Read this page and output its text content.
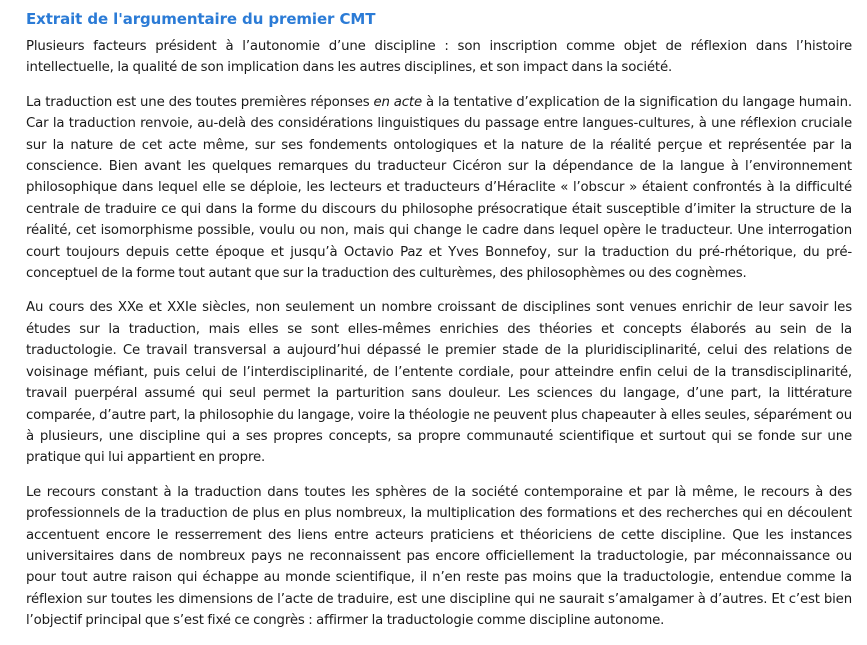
Extrait de l'argumentaire du premier CMT

Plusieurs facteurs président à l’autonomie d’une discipline : son inscription comme objet de réflexion dans l’histoire intellectuelle, la qualité de son implication dans les autres disciplines, et son impact dans la société.

La traduction est une des toutes premières réponses en acte à la tentative d’explication de la signification du langage humain. Car la traduction renvoie, au-delà des considérations linguistiques du passage entre langues-cultures, à une réflexion cruciale sur la nature de cet acte même, sur ses fondements ontologiques et la nature de la réalité perçue et représentée par la conscience. Bien avant les quelques remarques du traducteur Cicéron sur la dépendance de la langue à l’environnement philosophique dans lequel elle se déploie, les lecteurs et traducteurs d’Héraclite « l’obscur » étaient confrontés à la difficulté centrale de traduire ce qui dans la forme du discours du philosophe présocratique était susceptible d’imiter la structure de la réalité, cet isomorphisme possible, voulu ou non, mais qui change le cadre dans lequel opère le traducteur. Une interrogation court toujours depuis cette époque et jusqu’à Octavio Paz et Yves Bonnefoy, sur la traduction du pré-rhétorique, du pré-conceptuel de la forme tout autant que sur la traduction des culturèmes, des philosophèmes ou des cognèmes.

Au cours des XXe et XXIe siècles, non seulement un nombre croissant de disciplines sont venues enrichir de leur savoir les études sur la traduction, mais elles se sont elles-mêmes enrichies des théories et concepts élaborés au sein de la traductologie. Ce travail transversal a aujourd’hui dépassé le premier stade de la pluridisciplinarité, celui des relations de voisinage méfiant, puis celui de l’interdisciplinarité, de l’entente cordiale, pour atteindre enfin celui de la transdisciplinarité, travail puerpéral assumé qui seul permet la parturition sans douleur. Les sciences du langage, d’une part, la littérature comparée, d’autre part, la philosophie du langage, voire la théologie ne peuvent plus chapeauter à elles seules, séparément ou à plusieurs, une discipline qui a ses propres concepts, sa propre communauté scientifique et surtout qui se fonde sur une pratique qui lui appartient en propre.

Le recours constant à la traduction dans toutes les sphères de la société contemporaine et par là même, le recours à des professionnels de la traduction de plus en plus nombreux, la multiplication des formations et des recherches qui en découlent accentuent encore le resserrement des liens entre acteurs praticiens et théoriciens de cette discipline. Que les instances universitaires dans de nombreux pays ne reconnaissent pas encore officiellement la traductologie, par méconnaissance ou pour tout autre raison qui échappe au monde scientifique, il n’en reste pas moins que la traductologie, entendue comme la réflexion sur toutes les dimensions de l’acte de traduire, est une discipline qui ne saurait s’amalgamer à d’autres. Et c’est bien l’objectif principal que s’est fixé ce congrès : affirmer la traductologie comme discipline autonome.
